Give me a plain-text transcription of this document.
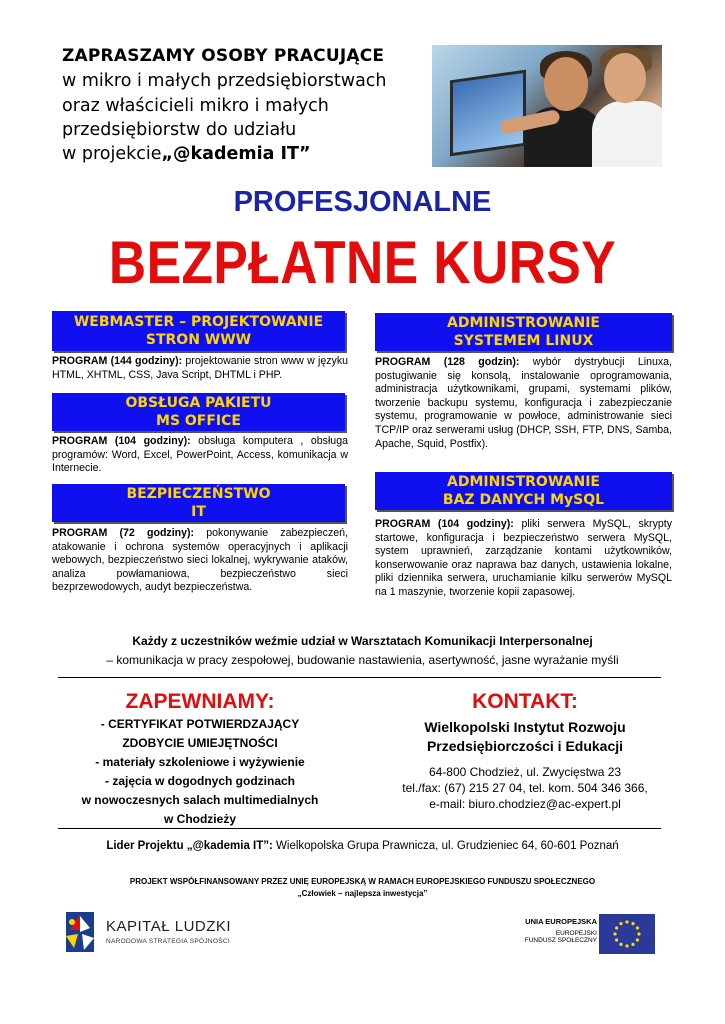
ZAPRASZAMY OSOBY PRACUJĄCE
w mikro i małych przedsiębiorstwach
oraz właścicieli mikro i małych
przedsiębiorstw do udziału
w projekcie„@kademia IT”
PROFESJONALNE
BEZPŁATNE KURSY
WEBMASTER – PROJEKTOWANIE
STRON WWW
PROGRAM (144 godziny): projektowanie stron www w języku HTML, XHTML, CSS, Java Script, DHTML i PHP.
OBSŁUGA PAKIETU
MS OFFICE
PROGRAM (104 godziny): obsługa komputera , obsługa programów: Word, Excel, PowerPoint, Access, komunikacja w Internecie.
BEZPIECZEŃSTWO
IT
PROGRAM (72 godziny): pokonywanie zabezpieczeń, atakowanie i ochrona systemów operacyjnych i aplikacji webowych, bezpieczeństwo sieci lokalnej, wykrywanie ataków, analiza powłamaniowa, bezpieczeństwo sieci bezprzewodowych, audyt bezpieczeństwa.
ADMINISTROWANIE
SYSTEMEM LINUX
PROGRAM (128 godzin): wybór dystrybucji Linuxa, postugiwanie się konsolą, instalowanie oprogramowania, administracja użytkownikami, grupami, systemami plików, tworzenie backupu systemu, konfiguracja i zabezpieczanie systemu, programowanie w powłoce, administrowanie sieci TCP/IP oraz serwerami usług (DHCP, SSH, FTP, DNS, Samba, Apache, Squid, Postfix).
ADMINISTROWANIE
BAZ DANYCH MySQL
PROGRAM (104 godziny): pliki serwera MySQL, skrypty startowe, konfiguracja i bezpieczeństwo serwera MySQL, system uprawnień, zarządzanie kontami użytkowników, konserwowanie oraz naprawa baz danych, ustawienia lokalne, pliki dziennika serwera, uruchamianie kilku serwerów MySQL na 1 maszynie, tworzenie kopii zapasowej.
Każdy z uczestników weźmie udział w Warsztatach Komunikacji Interpersonalnej
– komunikacja w pracy zespołowej, budowanie nastawienia, asertywność, jasne wyrażanie myśli
ZAPEWNIAMY:
- CERTYFIKAT POTWIERDZAJĄCY
ZDOBYCIE UMIEJĘTNOŚCI
- materiały szkoleniowe i wyżywienie
- zajęcia w dogodnych godzinach
w nowoczesnych salach multimedialnych
w Chodzieży
KONTAKT:
Wielkopolski Instytut Rozwoju
Przedsiębiorczości i Edukacji
64-800 Chodzież, ul. Zwycięstwa 23
tel./fax: (67) 215 27 04, tel. kom. 504 346 366,
e-mail: biuro.chodziez@ac-expert.pl
Lider Projektu „@kademia IT”: Wielkopolska Grupa Prawnicza, ul. Grudzieniec 64, 60-601 Poznań
PROJEKT WSPÓŁFINANSOWANY PRZEZ UNIĘ EUROPEJSKĄ W RAMACH EUROPEJSKIEGO FUNDUSZU SPOŁECZNEGO
„Człowiek – najlepsza inwestycja”
KAPITAŁ LUDZKI
NARODOWA STRATEGIA SPÓJNOŚCI
UNIA EUROPEJSKA
EUROPEJSKI
FUNDUSZ SPOŁECZNY
